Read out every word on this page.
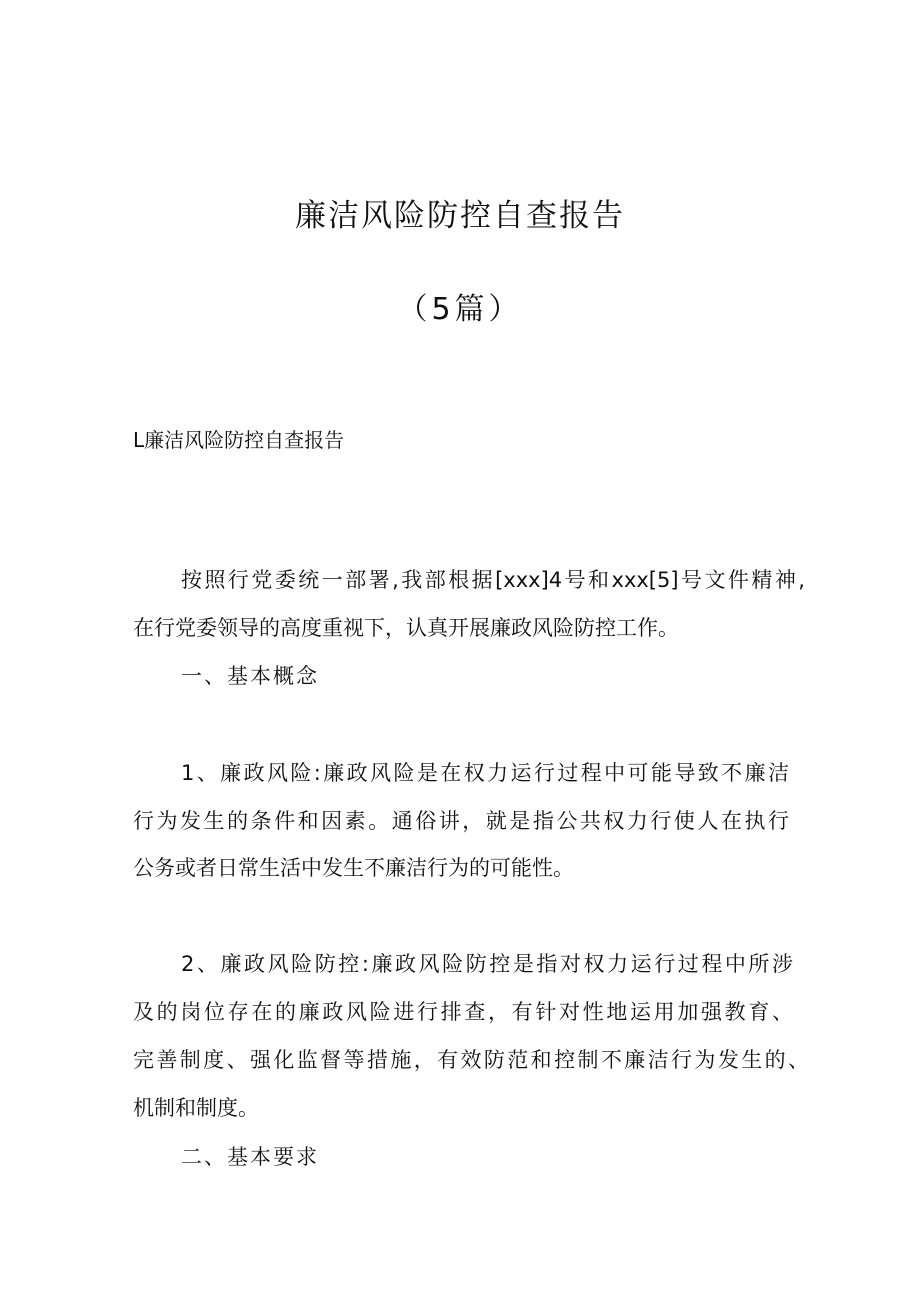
廉洁风险防控自查报告
（5篇）
L廉洁风险防控自查报告
按照行党委统一部署,我部根据[xxx]4号和xxx[5]号文件精神,
在行党委领导的高度重视下，认真开展廉政风险防控工作。
一、基本概念
1、廉政风险:廉政风险是在权力运行过程中可能导致不廉洁
行为发生的条件和因素。通俗讲，就是指公共权力行使人在执行
公务或者日常生活中发生不廉洁行为的可能性。
2、廉政风险防控:廉政风险防控是指对权力运行过程中所涉
及的岗位存在的廉政风险进行排查，有针对性地运用加强教育、
完善制度、强化监督等措施，有效防范和控制不廉洁行为发生的、
机制和制度。
二、基本要求
